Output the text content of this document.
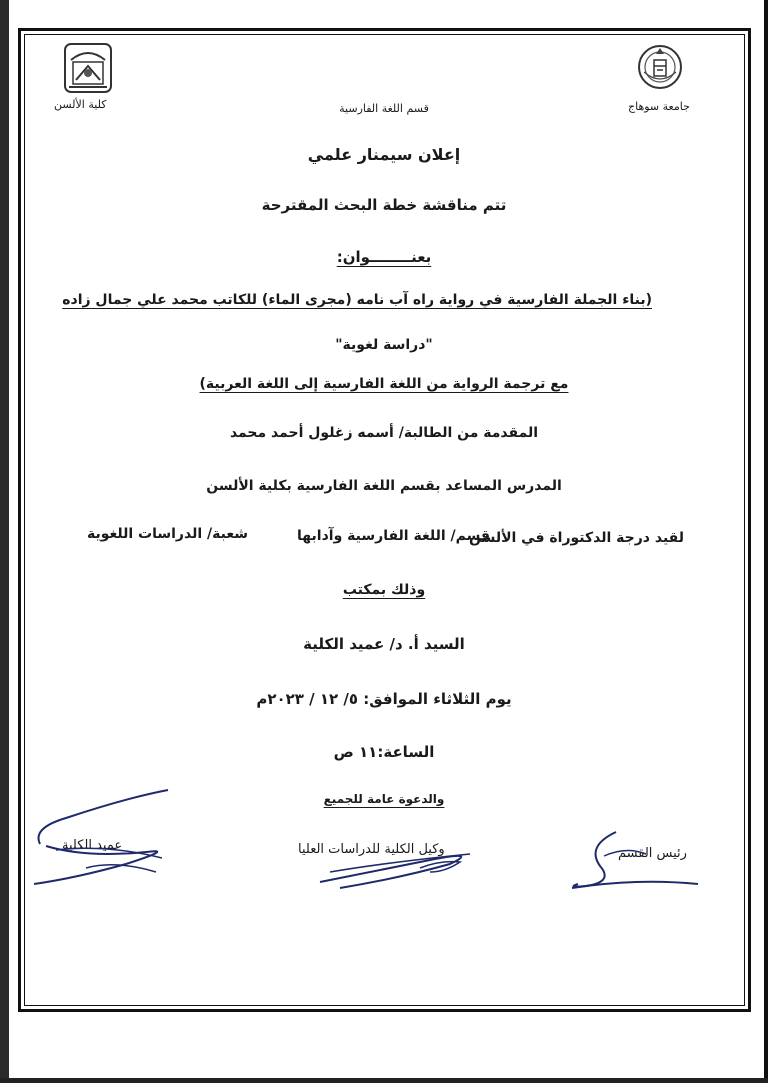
كلية الألسن	قسم اللغة الفارسية	جامعة سوهاج
إعلان سيمنار علمي
تتم مناقشة خطة البحث المقترحة
بعنــــــــوان:
(بناء الجملة الفارسية في رواية راه آب نامه (مجرى الماء) للكاتب محمد علي جمال زاده
"دراسة لغوية"
مع ترجمة الرواية من اللغة الفارسية إلى اللغة العربية)
المقدمة من الطالبة/ أسمه زغلول أحمد محمد
المدرس المساعد بقسم اللغة الفارسية بكلية الألسن
لقيد درجة الدكتوراة في الألسن
قسم/ اللغة الفارسية وآدابها
شعبة/ الدراسات اللغوية
وذلك بمكتب
السيد أ. د/ عميد الكلية
يوم الثلاثاء الموافق: ٥/ ١٢ / ٢٠٢٣م
الساعة:١١ ص
والدعوة عامة للجميع
عميد الكلية	وكيل الكلية للدراسات العليا	رئيس القسم
